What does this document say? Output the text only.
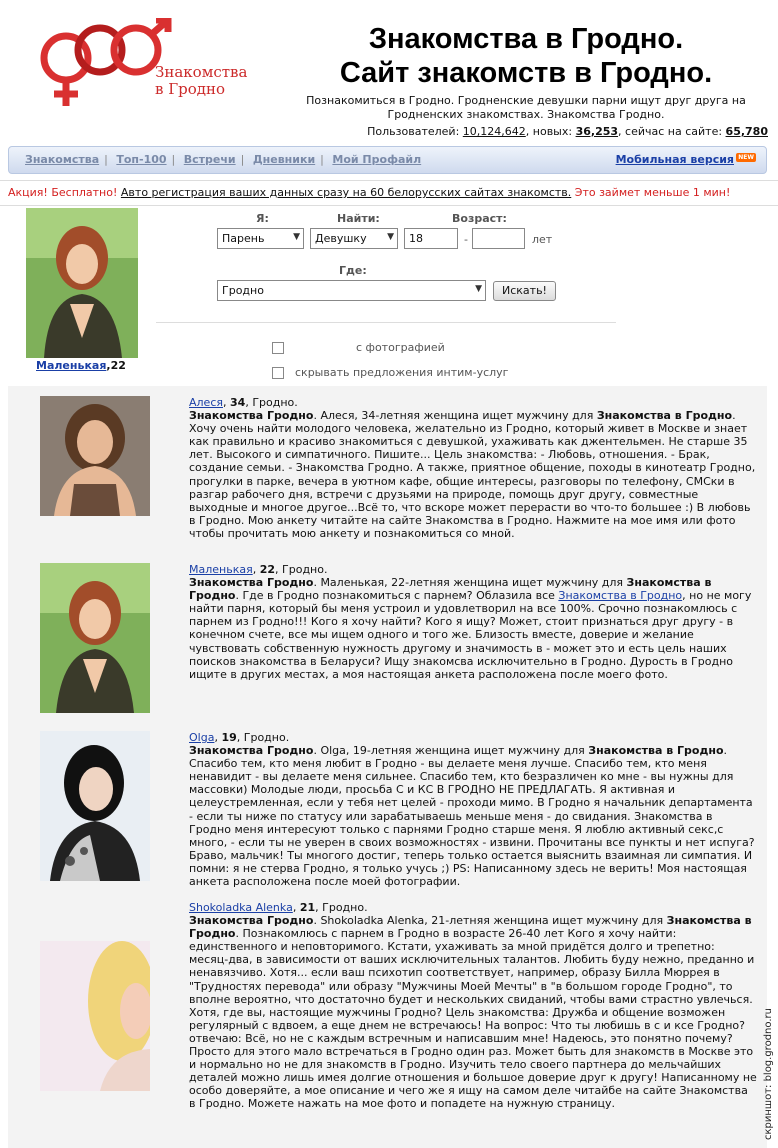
Знакомства
в Гродно
Знакомства в Гродно.
Сайт знакомств в Гродно.
Познакомиться в Гродно. Гродненские девушки парни ищут друг друга на Гродненских знакомствах. Знакомства Гродно.
Пользователей: 10,124,642, новых: 36,253, сейчас на сайте: 65,780
Знакомства | Топ-100 | Встречи | Дневники | Мой Профайл	Мобильная версия NEW
Акция! Бесплатно! Авто регистрация ваших данных сразу на 60 белорусских сайтах знакомств. Это займет меньше 1 мин!
Маленькая,22
Я:
Парень	▼
Найти:
Девушку ▼
Возраст:
18	-	лет
Где:
Гродно	▼	Искать!
с фотографией
скрывать предложения интим-услуг
Алеся, 34, Гродно.
Знакомства Гродно. Алеся, 34-летняя женщина ищет мужчину для Знакомства в Гродно. Хочу очень найти молодого человека, желательно из Гродно, который живет в Москве и знает как правильно и красиво знакомиться с девушкой, ухаживать как джентельмен. Не старше 35 лет. Высокого и симпатичного. Пишите... Цель знакомства: - Любовь, отношения. - Брак, создание семьи. - Знакомства Гродно. А также, приятное общение, походы в кинотеатр Гродно, прогулки в парке, вечера в уютном кафе, общие интересы, разговоры по телефону, СМСки в разгар рабочего дня, встречи с друзьями на природе, помощь друг другу, совместные выходные и многое другое...Всё то, что вскоре может перерасти во что-то большее :) В любовь в Гродно. Мою анкету читайте на сайте Знакомства в Гродно. Нажмите на мое имя или фото чтобы прочитать мою анкету и познакомиться со мной.
Маленькая, 22, Гродно.
Знакомства Гродно. Маленькая, 22-летняя женщина ищет мужчину для Знакомства в Гродно. Где в Гродно познакомиться с парнем? Облазила все Знакомства в Гродно, но не могу найти парня, который бы меня устроил и удовлетворил на все 100%. Срочно познакомлюсь с парнем из Гродно!!! Кого я хочу найти? Кого я ищу? Может, стоит признаться друг другу - в конечном счете, все мы ищем одного и того же. Близость вместе, доверие и желание чувствовать собственную нужность другому и значимость в - может это и есть цель наших поисков знакомства в Беларуси? Ищу знакомсва исключительно в Гродно. Дурость в Гродно ищите в других местах, а моя настоящая анкета расположена после моего фото.
Olga, 19, Гродно.
Знакомства Гродно. Olga, 19-летняя женщина ищет мужчину для Знакомства в Гродно. Спасибо тем, кто меня любит в Гродно - вы делаете меня лучше. Спасибо тем, кто меня ненавидит - вы делаете меня сильнее. Спасибо тем, кто безразличен ко мне - вы нужны для массовки) Молодые люди, просьба С и КС В ГРОДНО НЕ ПРЕДЛАГАТЬ. Я активная и целеустремленная, если у тебя нет целей - проходи мимо. В Гродно я начальник департамента - если ты ниже по статусу или зарабатываешь меньше меня - до свидания. Знакомства в Гродно меня интересуют только с парнями Гродно старше меня. Я люблю активный секс,с много, - если ты не уверен в своих возможностях - извини. Прочитаны все пункты и нет испуга? Браво, мальчик! Ты многого достиг, теперь только остается выяснить взаимная ли симпатия. И помни: я не стерва Гродно, я только учусь ;) PS: Написанному здесь не верить! Моя настоящая анкета расположена после моей фотографии.
Shokoladka Alenka, 21, Гродно.
Знакомства Гродно. Shokoladka Alenka, 21-летняя женщина ищет мужчину для Знакомства в Гродно. Познакомлюсь с парнем в Гродно в возрасте 26-40 лет Кого я хочу найти: единственного и неповторимого. Кстати, ухаживать за мной придётся долго и трепетно: месяц-два, в зависимости от ваших исключительных талантов. Любить буду нежно, преданно и ненавязчиво. Хотя... если ваш психотип соответствует, например, образу Билла Мюррея в "Трудностях перевода" или образу "Мужчины Моей Мечты" в "в большом городе Гродно", то вполне вероятно, что достаточно будет и нескольких свиданий, чтобы вами страстно увлечься. Хотя, где вы, настоящие мужчины Гродно? Цель знакомства: Дружба и общение возможен регулярный с вдвоем, а еще днем не встречаюсь! На вопрос: Что ты любишь в с и ксе Гродно? отвечаю: Всё, но не с каждым встречным и написавшим мне! Надеюсь, это понятно почему? Просто для этого мало встречаться в Гродно один раз. Может быть для знакомств в Москве это и нормально но не для знакомств в Гродно. Изучить тело своего партнера до мельчайших деталей можно лишь имея долгие отношения и большое доверие друг к другу! Написанному не особо доверяйте, а мое описание и чего же я ищу на самом деле читайбе на сайте Знакомства в Гродно. Можете нажать на мое фото и попадете на нужную страницу.	скриншот: blog.grodno.ru
